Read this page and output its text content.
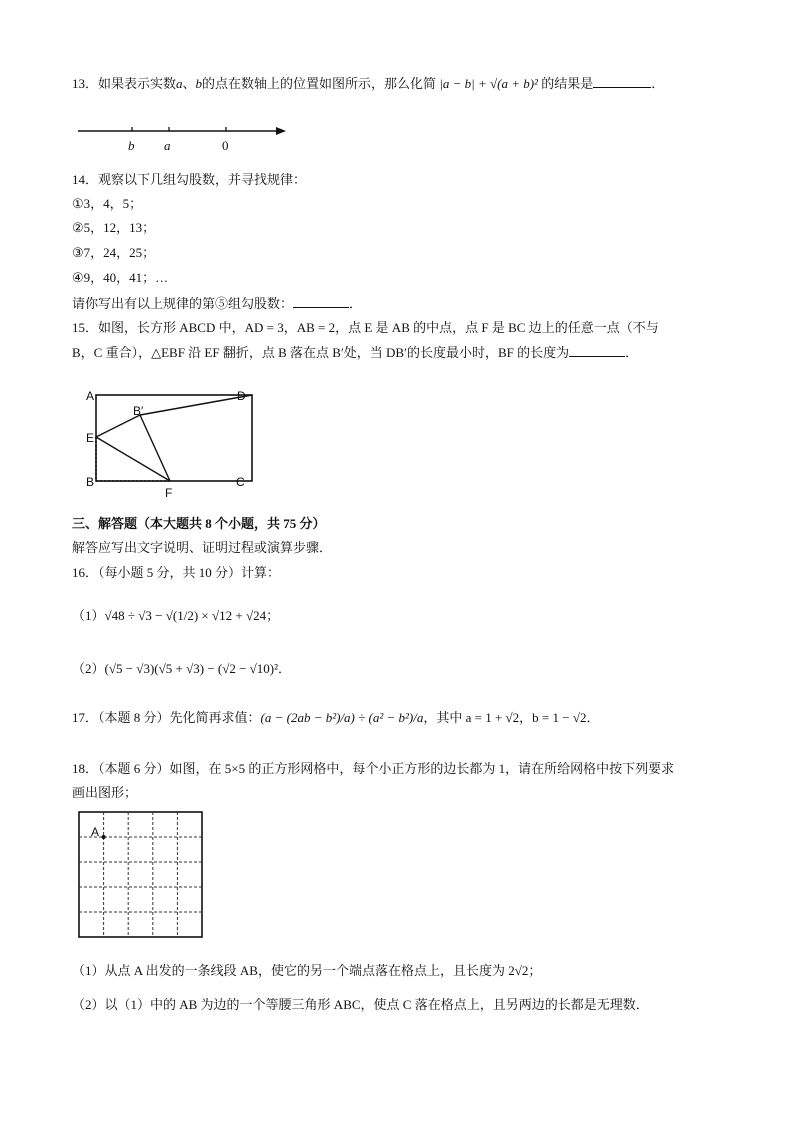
13．如果表示实数a、b的点在数轴上的位置如图所示，那么化简 |a − b| + √(a + b)² 的结果是	．
b a	0
14．观察以下几组勾股数，并寻找规律：
①3，4，5；
②5，12，13；
③7，24，25；
④9，40，41；…
请你写出有以上规律的第⑤组勾股数：	．
15．如图，长方形 ABCD 中，AD = 3，AB = 2，点 E 是 AB 的中点，点 F 是 BC 边上的任意一点（不与
B，C 重合），△EBF 沿 EF 翻折，点 B 落在点 B′处，当 DB′的长度最小时，BF 的长度为	．
A	D
B′
E
B
F
C
三、解答题（本大题共 8 个小题，共 75 分）
解答应写出文字说明、证明过程或演算步骤．
16．（每小题 5 分，共 10 分）计算：
（1）√48 ÷ √3 − √(1/2) × √12 + √24；
（2）(√5 − √3)(√5 + √3) − (√2 − √10)²．
17．（本题 8 分）先化简再求值：(a − (2ab − b²)/a) ÷ (a² − b²)/a，其中 a = 1 + √2，b = 1 − √2．
18．（本题 6 分）如图，在 5×5 的正方形网格中，每个小正方形的边长都为 1，请在所给网格中按下列要求
画出图形；
A
（1）从点 A 出发的一条线段 AB，使它的另一个端点落在格点上，且长度为 2√2；
（2）以（1）中的 AB 为边的一个等腰三角形 ABC，使点 C 落在格点上，且另两边的长都是无理数．
